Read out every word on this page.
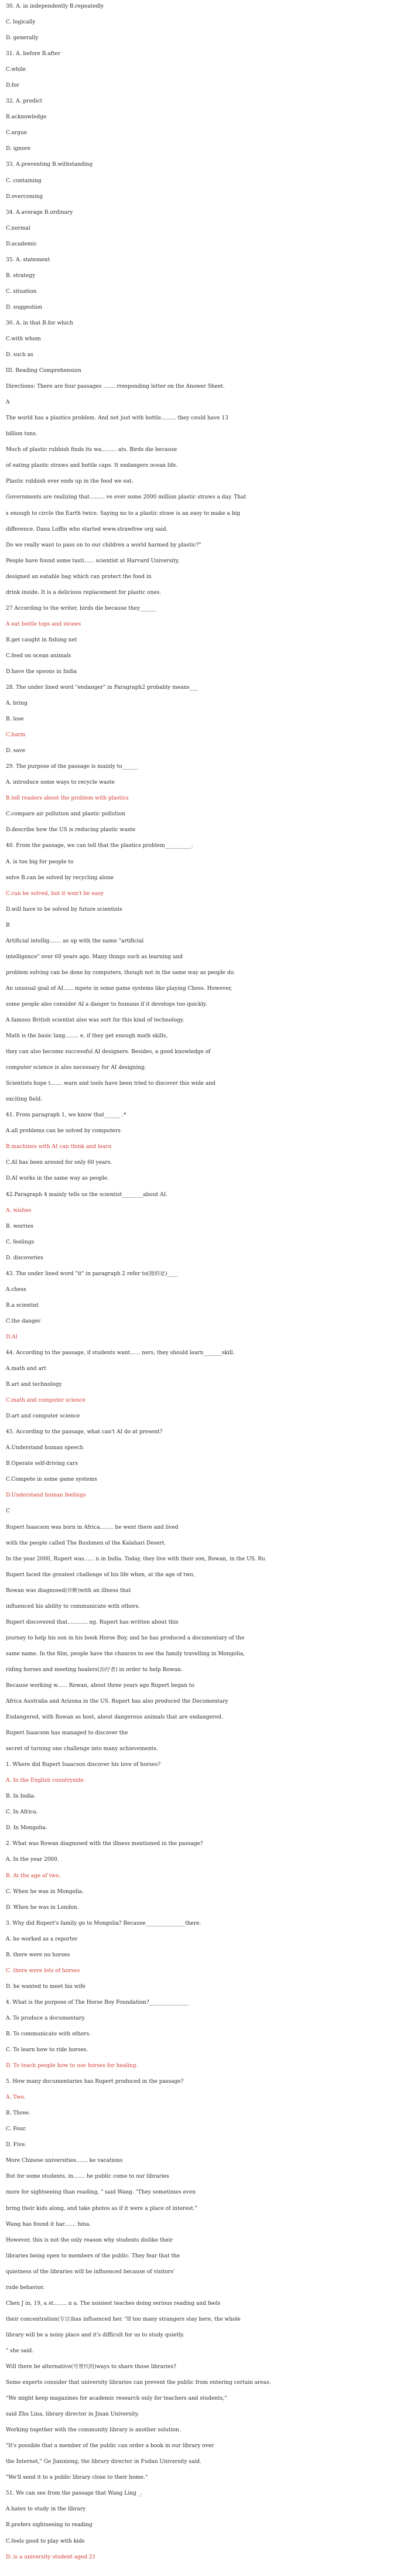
30. A. in independently B.repeatedly
C. logically
D. generally
31. A. before B.after
C.while
D.for
32. A. predict
B.acknowledge
C.argue
D. ignore
33. A.preventing B.withstanding
C. containing
D.overcoming
34. A.average B.ordinary
C.normal
D.academic
35. A. statement
B. strategy
C. situation
D. suggestion
36. A. in that B.for which
C.with whom
D. such as
III. Reading Comprehension
Directions: There are four passages ....... rresponding letter on the Answer Sheet.
A
The world has a plastics problem. And not just with bottle......... they could have 13
billion tons.
Much of plastic rubbish finds its wa......... ats. Birds die because
of eating plastic straws and bottle caps. It endangers ocean life.
Plastic rubbish ever ends up in the food we eat.
Governments are realizing that......... ve ever some 2000 million plastic straws a day. That
s enough to circle the Earth twice. Saying no to a plastic straw is an easy to make a big
difference. Dana Loffin who started www.strawfree org said.
Do we really want to pass on to our children a world harmed by plastic?"
People have found some tasti...... scientist at Harvard University,
designed an eatable bag which can protect the food in
drink inside. It is a delicious replacement for plastic ones.
27 According to the writer, birds die because they______
A eat bottle tops and straws
B.get caught in fishing net
C.feed on ocean animals
D.have the spoons in India
28. The under lined word "endanger" in Paragraph2 probably means___
A. bring
B. lose
C.harm
D. save
29. The purpose of the passage is mainly to______
A. introduce some ways to recycle waste
B.tell readers about the problem with plastics
C.compare air pollution and plastic pollution
D.describe how the US is reducing plastic waste
40. From the passage, we can tell that the plastics problem__________.
A. is too big for people to
solve B.can be solved by recycling alone
C.can be solved, but it won't be easy
D.will have to be solved by future scientists
B
Artificial intellig....... as up with the name "artificial
intelligence" over 60 years ago. Many things such as learning and
problem solving can be done by computers, though not in the same way as people do.
An unusual goal of AI...... mpete in some game systems like playing Chess. However,
some people also consider AI a danger to humans if it develops too quickly.
A famous British scientist also was sort for this kind of technology.
Math is the basic lang........ e, if they get enough math skills,
they can also become successful AI designers. Besides, a good knowledge of
computer science is also necessary for AI designing.
Scientists hope t....... ware and tools have been tried to discover this wide and
exciting field.
41. From paragraph 1, we know that______ .*
A.all problems can be solved by computers
B.machines with AI can think and learn
C.AI has been around for only 60 years.
D.AI works in the same way as people.
42.Paragraph 4 mainly tells us the scientist________about AI.
A. wishes
B. worries
C. feelings
D. discoveries
43. The under lined word "it" in paragraph 2 refer to(指的是)____
A.chess
B.a scientist
C.the danger
D.AI
44. According to the passage, if students want...... ners, they should learn_______skill.
A.math and art
B.art and technology
C.math and computer science
D.art and computer science
45. According to the passage, what can't AI do at present?
A.Understand human speech
B.Operate self-driving cars
C.Compete in some game systems
D.Understand human feelings
C
Rupert Isaacson was born in Africa........ he went there and lived
with the people called The Bushmen of the Kalahari Desert.
In the year 2000, Rupert was...... n in India. Today, they live with their son, Rowan, in the US. Ru
Rupert faced the greatest challenge of his life when, at the age of two,
Rowan was diagnosed(诊断)with an illness that
influenced his ability to communicate with others.
Rupert discovered that............ ng. Rupert has written about this
journey to help his son in his book Horse Boy, and he has produced a documentary of the
same name. In the film, people have the chances to see the family travelling in Mongolia,
riding horses and meeting healers(治疗者) in order to help Rowan.
Because working w...... Rowan, about three years ago Rupert began to
Africa Australia and Arizona in the US. Rupert has also produced the Documentary
Endangered, with Rowan as host, about dangerous animals that are endangered.
Rupert Isaacson has managed to discover the
secret of turning one challenge into many achievements.
1. Where did Rupert Isaacson discover his love of horses?
A. In the English countryside.
B. In India.
C. In Africa.
D. In Mongolia.
2. What was Rowan diagnosed with the illness mentioned in the passage?
A. In the year 2000.
B. At the age of two.
C. When he was in Mongolia.
D. When he was in London.
3. Why did Rupert's family go to Mongolia? Because_______________there.
A. he worked as a reporter
B. there were no horses
C. there were lots of horses
D. he wanted to meet his wife
4. What is the purpose of The Horse Boy Foundation?_______________
A. To produce a documentary.
B. To communicate with others.
C. To learn how to ride horses.
D. To teach people how to use horses for healing.
5. How many documentaries has Rupert produced in the passage?
A. Two.
B. Three.
C. Four.
D. Five.
More Chinese universities....... ke vacations
But for some students, in....... he public come to our libraries
more for sightseeing than reading, " said Wang. "They sometimes even
bring their kids along, and take photos as if it were a place of interest."
Wang has found it har....... hina.
However, this is not the only reason why students dislike their
libraries being open to members of the public. They fear that the
quietness of the libraries will be influenced because of visitors'
rude behavior.
Chen J in, 19, a st........ n a. The noisiest teaches doing serious reading and feels
their concentration(专注)has influenced her. "If too many strangers stay here, the whole
library will be a noisy place and it's difficult for us to study quietly.
" she said.
Will there be alternative(可替代的)ways to share those libraries?
Some experts consider that university libraries can prevent the public from entering certain areas.
"We might keep magazines for academic research only for teachers and students,"
said Zhu Lina, library director in Jinan University.
Working together with the community library is another solution.
"It's possible that a member of the public can order a book in our library over
the Internet," Ge Jianxiong, the library director in Fudan University said.
"We'll send it to a public library close to their home."
51. We can see from the passage that Wang Ling _.
A.hates to study in the library
B.prefers sightseeing to reading
C.feels good to play with kids
D. is a university student aged 21
